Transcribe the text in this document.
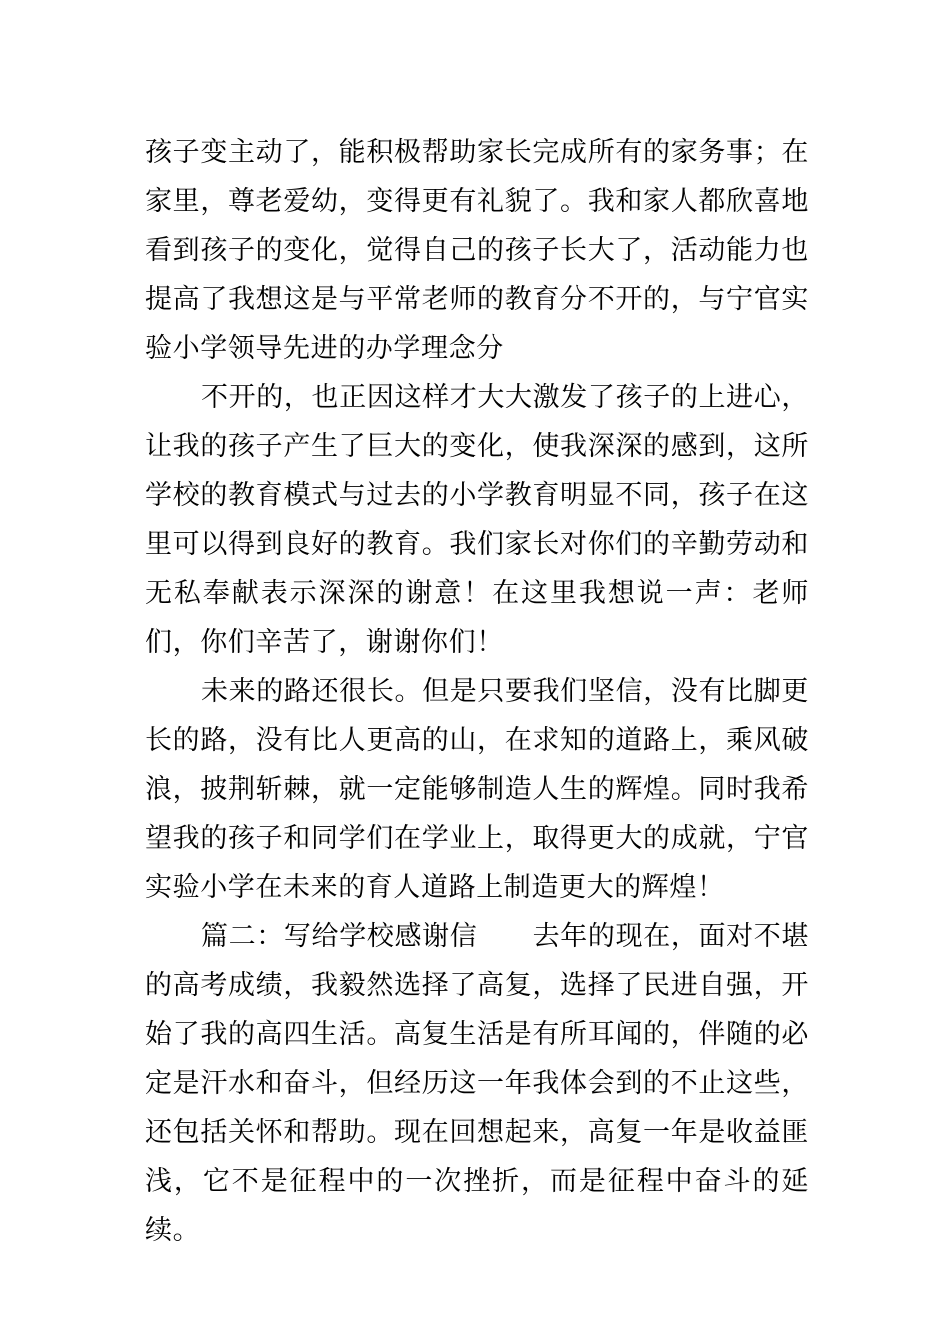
孩子变主动了，能积极帮助家长完成所有的家务事；在家里，尊老爱幼，变得更有礼貌了。我和家人都欣喜地看到孩子的变化，觉得自己的孩子长大了，活动能力也提高了我想这是与平常老师的教育分不开的，与宁官实验小学领导先进的办学理念分

不开的，也正因这样才大大激发了孩子的上进心，让我的孩子产生了巨大的变化，使我深深的感到，这所学校的教育模式与过去的小学教育明显不同，孩子在这里可以得到良好的教育。我们家长对你们的辛勤劳动和无私奉献表示深深的谢意！在这里我想说一声：老师们，你们辛苦了，谢谢你们！

未来的路还很长。但是只要我们坚信，没有比脚更长的路，没有比人更高的山，在求知的道路上，乘风破浪，披荆斩棘，就一定能够制造人生的辉煌。同时我希望我的孩子和同学们在学业上，取得更大的成就，宁官实验小学在未来的育人道路上制造更大的辉煌！

篇二：写给学校感谢信　　去年的现在，面对不堪的高考成绩，我毅然选择了高复，选择了民进自强，开始了我的高四生活。高复生活是有所耳闻的，伴随的必定是汗水和奋斗，但经历这一年我体会到的不止这些，还包括关怀和帮助。现在回想起来，高复一年是收益匪浅，它不是征程中的一次挫折，而是征程中奋斗的延续。
